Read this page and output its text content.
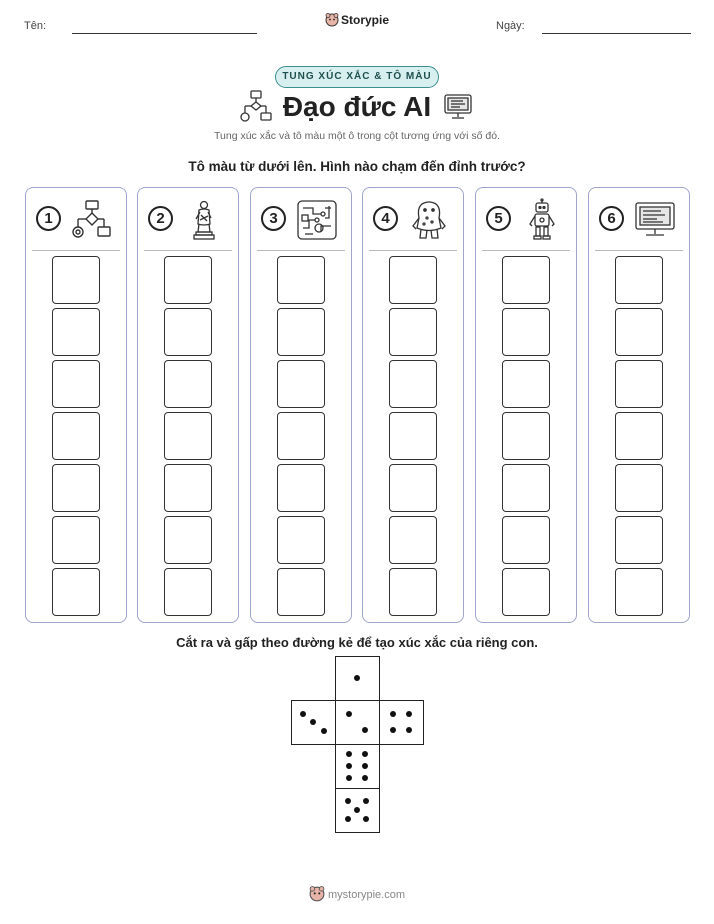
Tên:	Storypie	Ngày:
TUNG XÚC XẮC & TÔ MÀU
Đạo đức AI
Tung xúc xắc và tô màu một ô trong cột tương ứng với số đó.
Tô màu từ dưới lên. Hình nào chạm đến đỉnh trước?
1	2	3	4	5	6
Cắt ra và gấp theo đường kẻ để tạo xúc xắc của riêng con.
mystorypie.com
